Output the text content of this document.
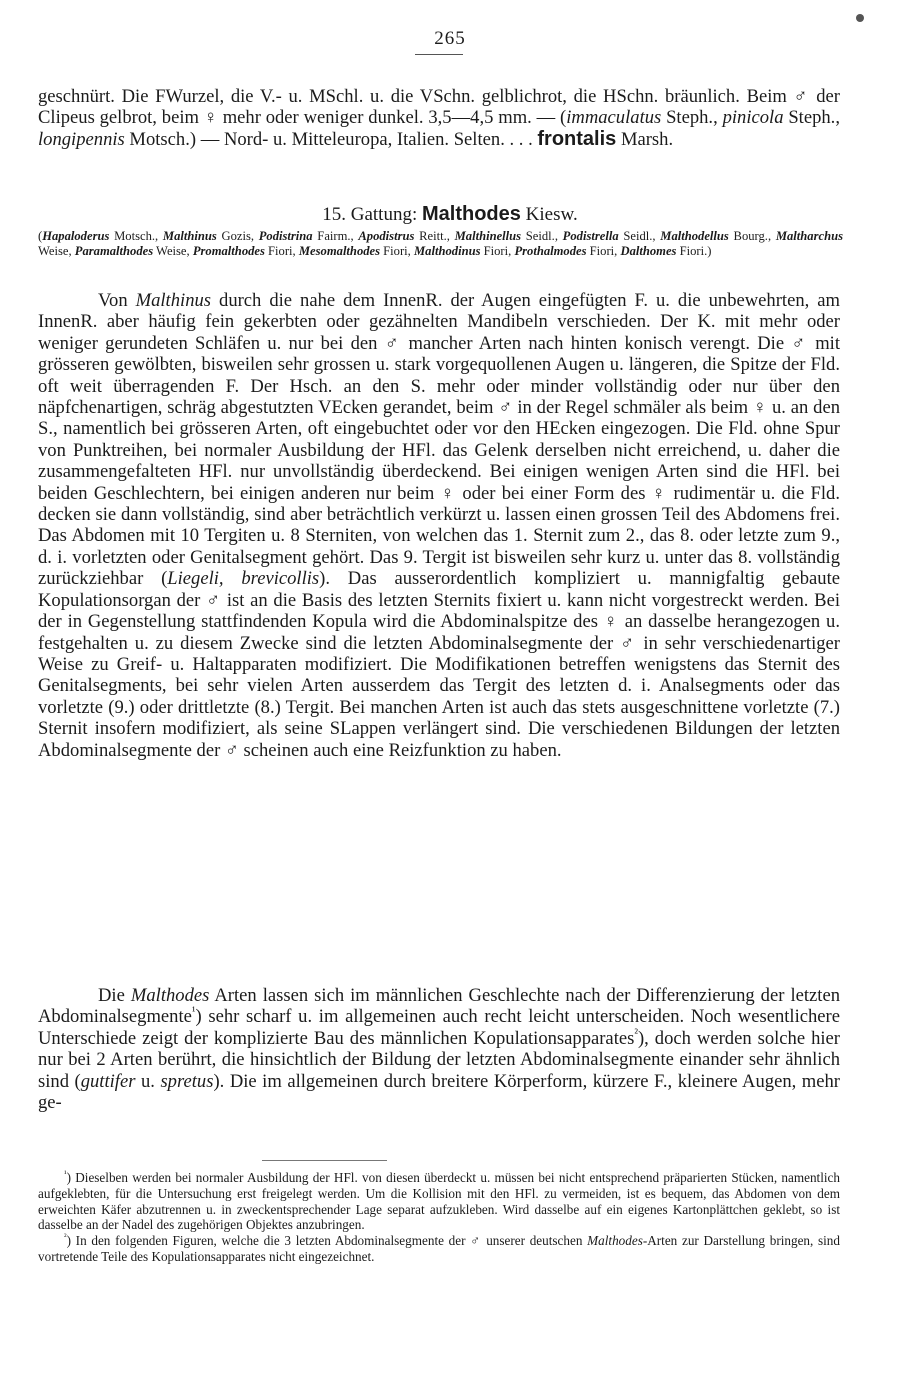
265
geschnürt. Die FWurzel, die V.- u. MSchl. u. die VSchn. gelblichrot, die HSchn. bräunlich. Beim ♂ der Clipeus gelbrot, beim ♀ mehr oder weniger dunkel. 3,5—4,5 mm. — (immaculatus Steph., pinicola Steph., longipennis Motsch.) — Nord- u. Mitteleuropa, Italien. Selten. . . . frontalis Marsh.
15. Gattung: Malthodes Kiesw.
(Hapaloderus Motsch., Malthinus Gozis, Podistrina Fairm., Apodistrus Reitt., Malthinellus Seidl., Podistrella Seidl., Malthodellus Bourg., Maltharchus Weise, Paramalthodes Weise, Promalthodes Fiori, Mesomalthodes Fiori, Malthodinus Fiori, Prothalmodes Fiori, Dalthomes Fiori.)
Von Malthinus durch die nahe dem InnenR. der Augen eingefügten F. u. die unbewehrten, am InnenR. aber häufig fein gekerbten oder gezähnelten Mandibeln verschieden. Der K. mit mehr oder weniger gerundeten Schläfen u. nur bei den ♂ mancher Arten nach hinten konisch verengt. Die ♂ mit grösseren gewölbten, bisweilen sehr grossen u. stark vorgequollenen Augen u. längeren, die Spitze der Fld. oft weit überragenden F. Der Hsch. an den S. mehr oder minder vollständig oder nur über den näpfchenartigen, schräg abgestutzten VEcken gerandet, beim ♂ in der Regel schmäler als beim ♀ u. an den S., namentlich bei grösseren Arten, oft eingebuchtet oder vor den HEcken eingezogen. Die Fld. ohne Spur von Punktreihen, bei normaler Ausbildung der HFl. das Gelenk derselben nicht erreichend, u. daher die zusammengefalteten HFl. nur unvollständig überdeckend. Bei einigen wenigen Arten sind die HFl. bei beiden Geschlechtern, bei einigen anderen nur beim ♀ oder bei einer Form des ♀ rudimentär u. die Fld. decken sie dann vollständig, sind aber beträchtlich verkürzt u. lassen einen grossen Teil des Abdomens frei. Das Abdomen mit 10 Tergiten u. 8 Sterniten, von welchen das 1. Sternit zum 2., das 8. oder letzte zum 9., d. i. vorletzten oder Genitalsegment gehört. Das 9. Tergit ist bisweilen sehr kurz u. unter das 8. vollständig zurückziehbar (Liegeli, brevicollis). Das ausserordentlich kompliziert u. mannigfaltig gebaute Kopulationsorgan der ♂ ist an die Basis des letzten Sternits fixiert u. kann nicht vorgestreckt werden. Bei der in Gegenstellung stattfindenden Kopula wird die Abdominalspitze des ♀ an dasselbe herangezogen u. festgehalten u. zu diesem Zwecke sind die letzten Abdominalsegmente der ♂ in sehr verschiedenartiger Weise zu Greif- u. Haltapparaten modifiziert. Die Modifikationen betreffen wenigstens das Sternit des Genitalsegments, bei sehr vielen Arten ausserdem das Tergit des letzten d. i. Analsegments oder das vorletzte (9.) oder drittletzte (8.) Tergit. Bei manchen Arten ist auch das stets ausgeschnittene vorletzte (7.) Sternit insofern modifiziert, als seine SLappen verlängert sind. Die verschiedenen Bildungen der letzten Abdominalsegmente der ♂ scheinen auch eine Reizfunktion zu haben.
Die Malthodes Arten lassen sich im männlichen Geschlechte nach der Differenzierung der letzten Abdominalsegmente$^{^1}$) sehr scharf u. im allgemeinen auch recht leicht unterscheiden. Noch wesentlichere Unterschiede zeigt der komplizierte Bau des männlichen Kopulationsapparates$^{^2}$), doch werden solche hier nur bei 2 Arten berührt, die hinsichtlich der Bildung der letzten Abdominalsegmente einander sehr ähnlich sind (guttifer u. spretus). Die im allgemeinen durch breitere Körperform, kürzere F., kleinere Augen, mehr ge-

$^{^1}$) Dieselben werden bei normaler Ausbildung der HFl. von diesen überdeckt u. müssen bei nicht entsprechend präparierten Stücken, namentlich aufgeklebten, für die Untersuchung erst freigelegt werden. Um die Kollision mit den HFl. zu vermeiden, ist es bequem, das Abdomen von dem erweichten Käfer abzutrennen u. in zweckentsprechender Lage separat aufzukleben. Wird dasselbe auf ein eigenes Kartonplättchen geklebt, so ist dasselbe an der Nadel des zugehörigen Objektes anzubringen.

$^{^2}$) In den folgenden Figuren, welche die 3 letzten Abdominalsegmente der ♂ unserer deutschen Malthodes-Arten zur Darstellung bringen, sind vortretende Teile des Kopulationsapparates nicht eingezeichnet.
